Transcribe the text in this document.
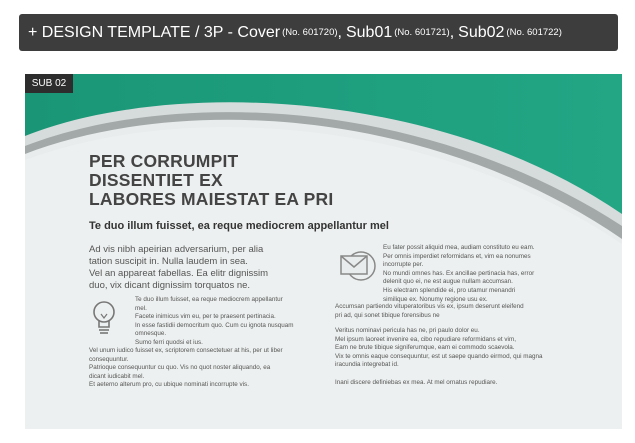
+ DESIGN TEMPLATE / 3P - Cover (No. 601720) , Sub01 (No. 601721) , Sub02 (No. 601722)
SUB 02
PER CORRUMPIT
DISSENTIET EX
LABORES MAIESTAT EA PRI
Te duo illum fuisset, ea reque mediocrem appellantur mel
Ad vis nibh apeirian adversarium, per alia
tation suscipit in. Nulla laudem in sea.
Vel an appareat fabellas. Ea elitr dignissim
duo, vix dicant dignissim torquatos ne.
Te duo illum fuisset, ea reque mediocrem appellantur
mel.
Facete inimicus vim eu, per te praesent pertinacia.
In esse fastidii democritum quo. Cum cu ignota nusquam
omnesque.
Sumo ferri quodsi et ius.
Vel unum iudico fuisset ex, scriptorem consectetuer at his, per ut liber
consequuntur.
Patrioque consequuntur cu quo. Vis no quot noster aliquando, ea
dicant iudicabit mel.
Et aeterno alterum pro, cu ubique nominati incorrupte vis.
Eu fater possit aliquid mea, audiam constituto eu eam.
Per omnis imperdiet reformidans et, vim ea nonumes
incorrupte per.
No mundi omnes has. Ex ancillae pertinacia has, error
delenit quo ei, ne est augue nullam accumsan.
His electram splendide ei, pro utamur menandri
similique ex. Nonumy regione usu ex.
Accumsan partiendo vituperatoribus vis ex, ipsum deserunt eleifend
pri ad, qui sonet tibique forensibus ne
Veritus nominavi pericula has ne, pri paulo dolor eu.
Mel ipsum laoreet invenire ea, cibo repudiare reformidans et vim,
Eam ne brute tibique signiferumque, eam ei commodo scaevola.
Vix te omnis eaque consequuntur, est ut saepe quando eirmod, qui magna
iracundia integrebat id.
Inani discere definiebas ex mea. At mel ornatus repudiare.
